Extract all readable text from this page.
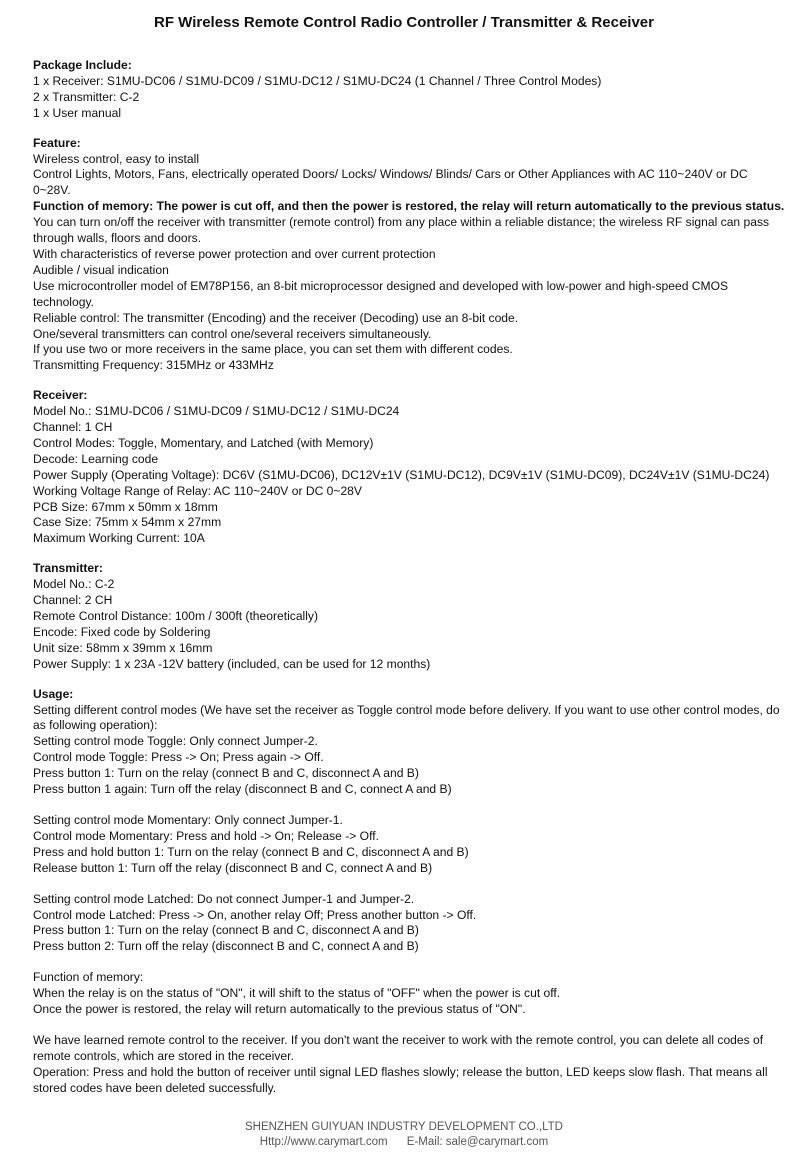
RF Wireless Remote Control Radio Controller / Transmitter & Receiver

Package Include:

1 x Receiver: S1MU-DC06 / S1MU-DC09 / S1MU-DC12 / S1MU-DC24 (1 Channel / Three Control Modes)

2 x Transmitter: C-2

1 x User manual

Feature:

Wireless control, easy to install

Control Lights, Motors, Fans, electrically operated Doors/ Locks/ Windows/ Blinds/ Cars or Other Appliances with AC 110~240V or DC 0~28V.

Function of memory: The power is cut off, and then the power is restored, the relay will return automatically to the previous status.

You can turn on/off the receiver with transmitter (remote control) from any place within a reliable distance; the wireless RF signal can pass through walls, floors and doors.

With characteristics of reverse power protection and over current protection

Audible / visual indication

Use microcontroller model of EM78P156, an 8-bit microprocessor designed and developed with low-power and high-speed CMOS technology.

Reliable control: The transmitter (Encoding) and the receiver (Decoding) use an 8-bit code.

One/several transmitters can control one/several receivers simultaneously.

If you use two or more receivers in the same place, you can set them with different codes.

Transmitting Frequency: 315MHz or 433MHz

Receiver:

Model No.: S1MU-DC06 / S1MU-DC09 / S1MU-DC12 / S1MU-DC24

Channel: 1 CH

Control Modes: Toggle, Momentary, and Latched (with Memory)

Decode: Learning code

Power Supply (Operating Voltage): DC6V (S1MU-DC06), DC12V±1V (S1MU-DC12), DC9V±1V (S1MU-DC09), DC24V±1V (S1MU-DC24)

Working Voltage Range of Relay: AC 110~240V or DC 0~28V

PCB Size: 67mm x 50mm x 18mm

Case Size: 75mm x 54mm x 27mm

Maximum Working Current: 10A

Transmitter:

Model No.: C-2

Channel: 2 CH

Remote Control Distance: 100m / 300ft (theoretically)

Encode: Fixed code by Soldering

Unit size: 58mm x 39mm x 16mm

Power Supply: 1 x 23A -12V battery (included, can be used for 12 months)

Usage:

Setting different control modes (We have set the receiver as Toggle control mode before delivery. If you want to use other control modes, do as following operation):

Setting control mode Toggle: Only connect Jumper-2.

Control mode Toggle: Press -> On; Press again -> Off.

Press button 1: Turn on the relay (connect B and C, disconnect A and B)

Press button 1 again: Turn off the relay (disconnect B and C, connect A and B)

Setting control mode Momentary: Only connect Jumper-1.

Control mode Momentary: Press and hold -> On; Release -> Off.

Press and hold button 1: Turn on the relay (connect B and C, disconnect A and B)

Release button 1: Turn off the relay (disconnect B and C, connect A and B)

Setting control mode Latched: Do not connect Jumper-1 and Jumper-2.

Control mode Latched: Press -> On, another relay Off; Press another button -> Off.

Press button 1: Turn on the relay (connect B and C, disconnect A and B)

Press button 2: Turn off the relay (disconnect B and C, connect A and B)

Function of memory:

When the relay is on the status of "ON", it will shift to the status of "OFF" when the power is cut off.

Once the power is restored, the relay will return automatically to the previous status of "ON".

We have learned remote control to the receiver. If you don't want the receiver to work with the remote control, you can delete all codes of remote controls, which are stored in the receiver.

Operation: Press and hold the button of receiver until signal LED flashes slowly; release the button, LED keeps slow flash. That means all stored codes have been deleted successfully.

SHENZHEN GUIYUAN INDUSTRY DEVELOPMENT CO.,LTD
Http://www.carymart.com E-Mail: sale@carymart.com
